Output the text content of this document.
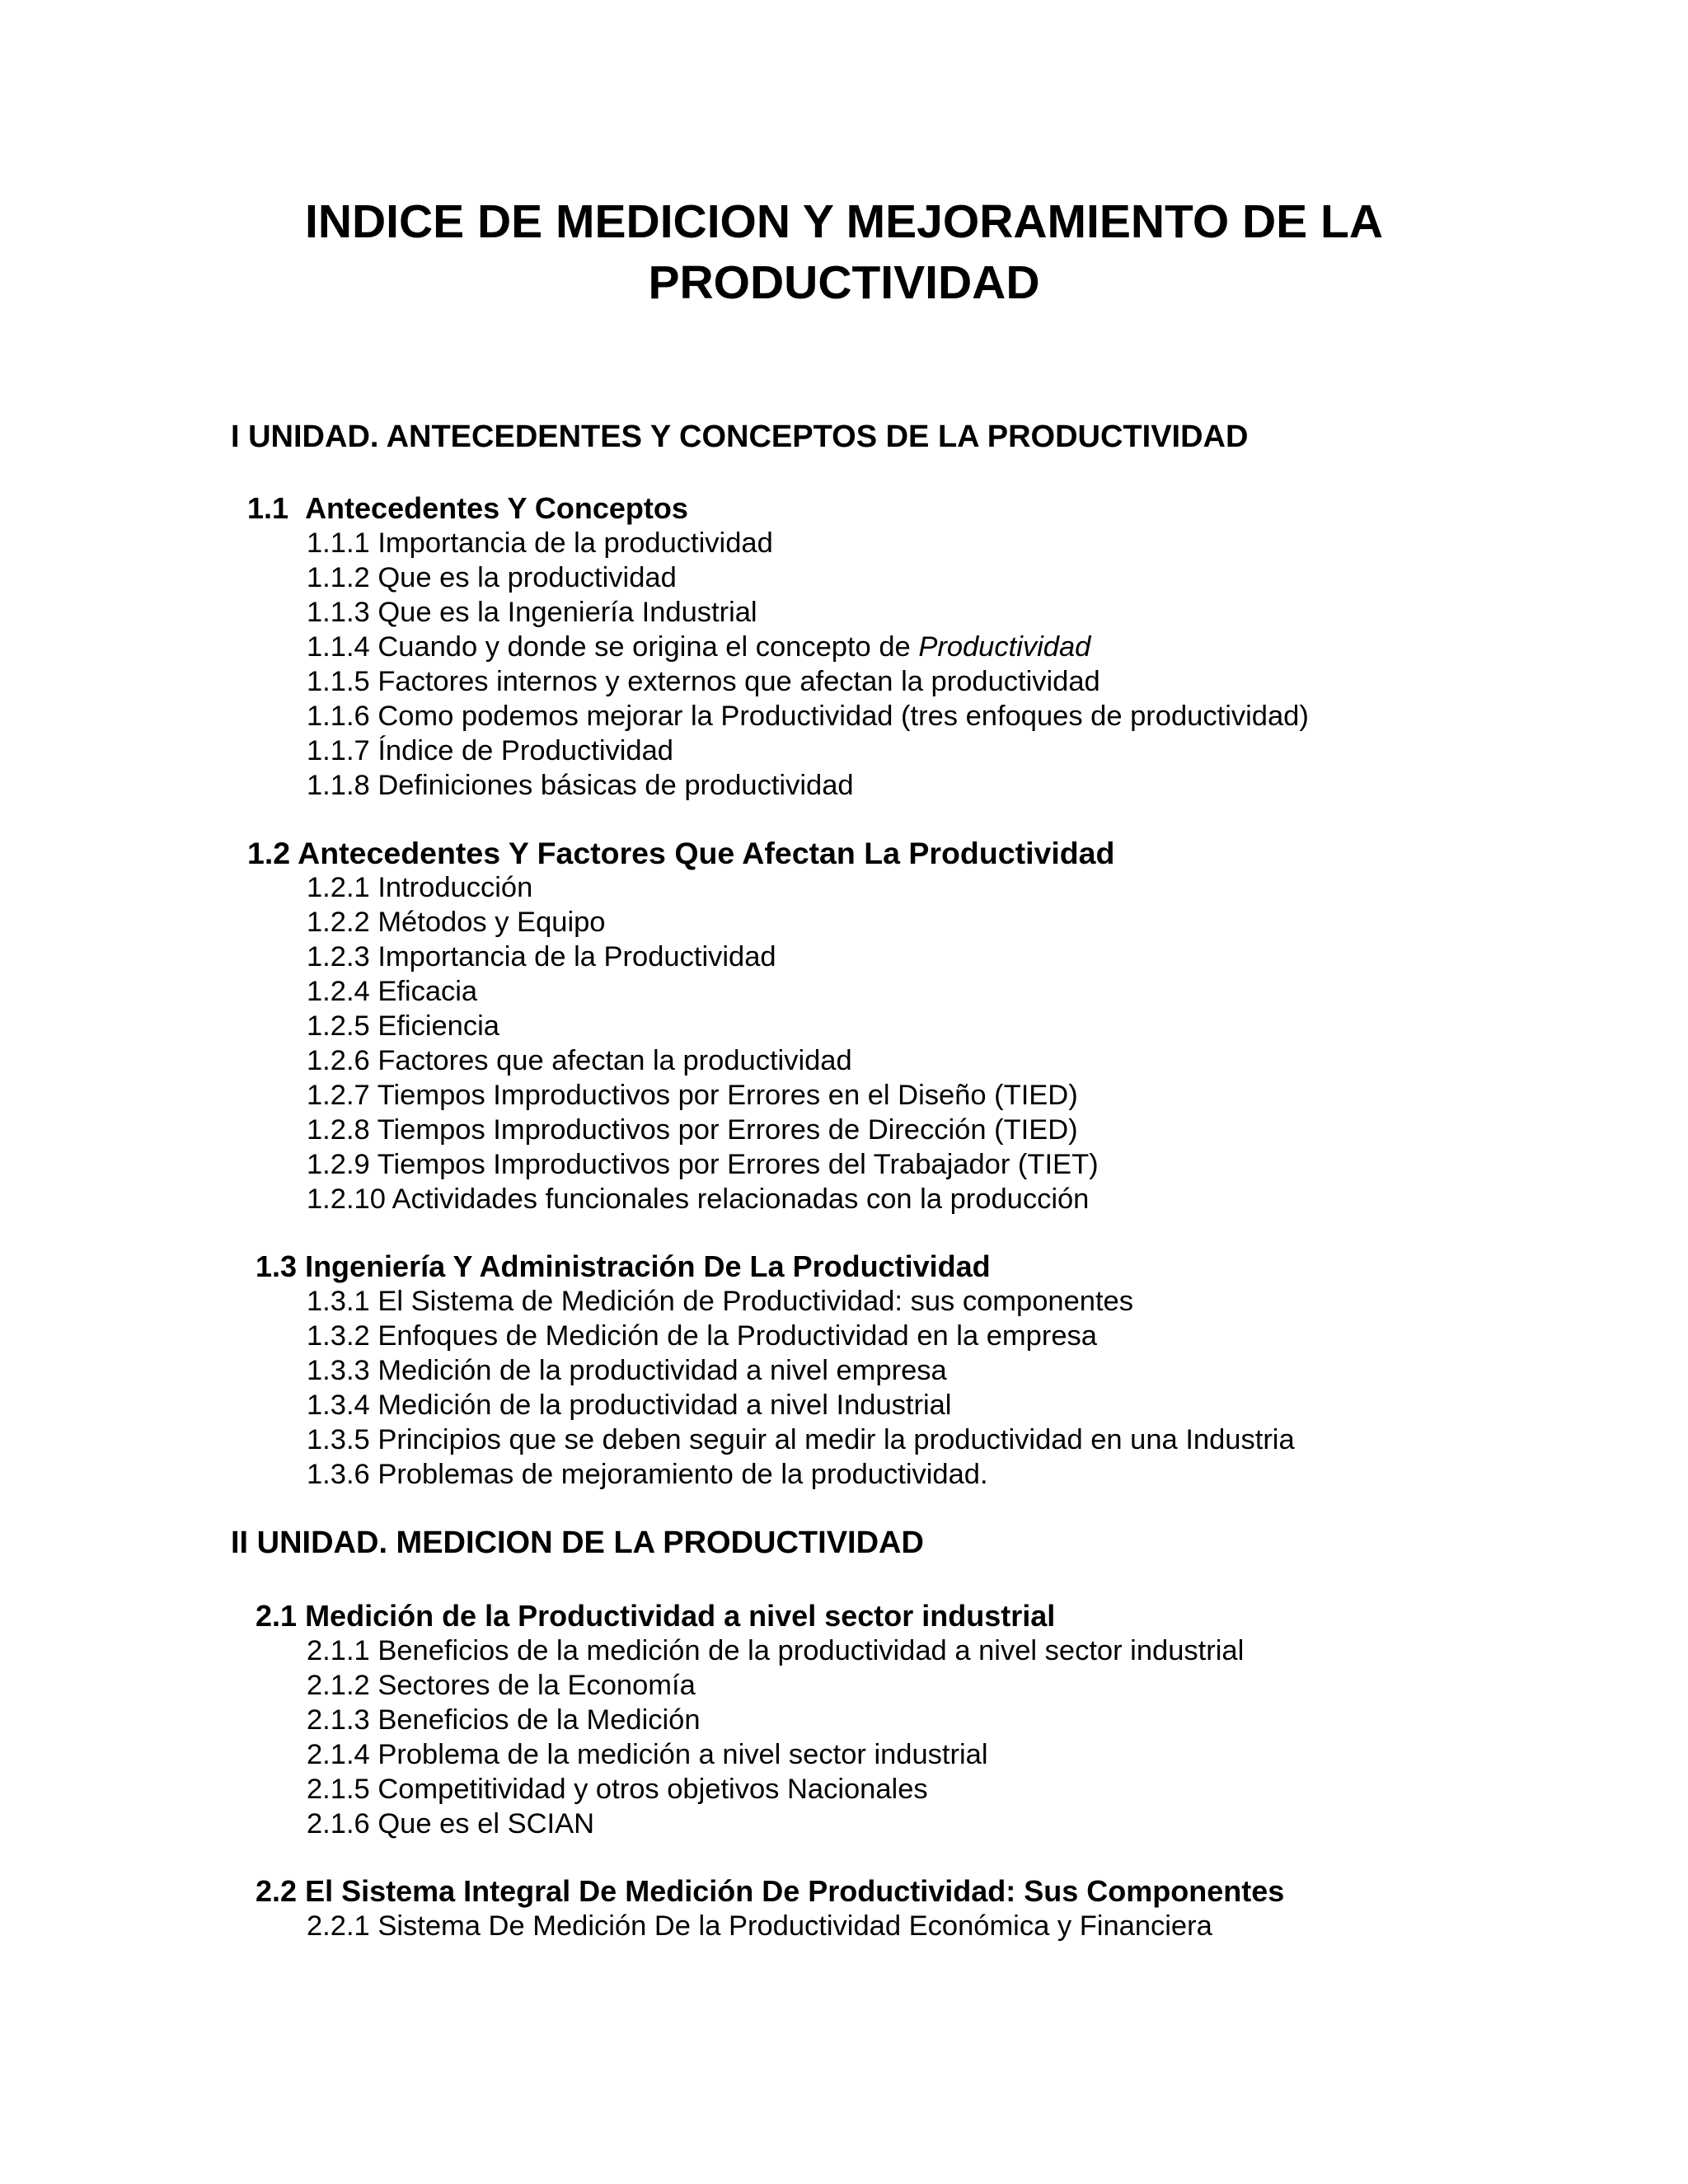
INDICE DE MEDICION Y MEJORAMIENTO DE LA
PRODUCTIVIDAD
I UNIDAD. ANTECEDENTES Y CONCEPTOS DE LA PRODUCTIVIDAD
1.1 Antecedentes Y Conceptos
1.1.1 Importancia de la productividad
1.1.2 Que es la productividad
1.1.3 Que es la Ingeniería Industrial
1.1.4 Cuando y donde se origina el concepto de Productividad
1.1.5 Factores internos y externos que afectan la productividad
1.1.6 Como podemos mejorar la Productividad (tres enfoques de productividad)
1.1.7 Índice de Productividad
1.1.8 Definiciones básicas de productividad
1.2 Antecedentes Y Factores Que Afectan La Productividad
1.2.1 Introducción
1.2.2 Métodos y Equipo
1.2.3 Importancia de la Productividad
1.2.4 Eficacia
1.2.5 Eficiencia
1.2.6 Factores que afectan la productividad
1.2.7 Tiempos Improductivos por Errores en el Diseño (TIED)
1.2.8 Tiempos Improductivos por Errores de Dirección (TIED)
1.2.9 Tiempos Improductivos por Errores del Trabajador (TIET)
1.2.10 Actividades funcionales relacionadas con la producción
1.3 Ingeniería Y Administración De La Productividad
1.3.1 El Sistema de Medición de Productividad: sus componentes
1.3.2 Enfoques de Medición de la Productividad en la empresa
1.3.3 Medición de la productividad a nivel empresa
1.3.4 Medición de la productividad a nivel Industrial
1.3.5 Principios que se deben seguir al medir la productividad en una Industria
1.3.6 Problemas de mejoramiento de la productividad.
II UNIDAD. MEDICION DE LA PRODUCTIVIDAD
2.1 Medición de la Productividad a nivel sector industrial
2.1.1 Beneficios de la medición de la productividad a nivel sector industrial
2.1.2 Sectores de la Economía
2.1.3 Beneficios de la Medición
2.1.4 Problema de la medición a nivel sector industrial
2.1.5 Competitividad y otros objetivos Nacionales
2.1.6 Que es el SCIAN
2.2 El Sistema Integral De Medición De Productividad: Sus Componentes
2.2.1 Sistema De Medición De la Productividad Económica y Financiera
